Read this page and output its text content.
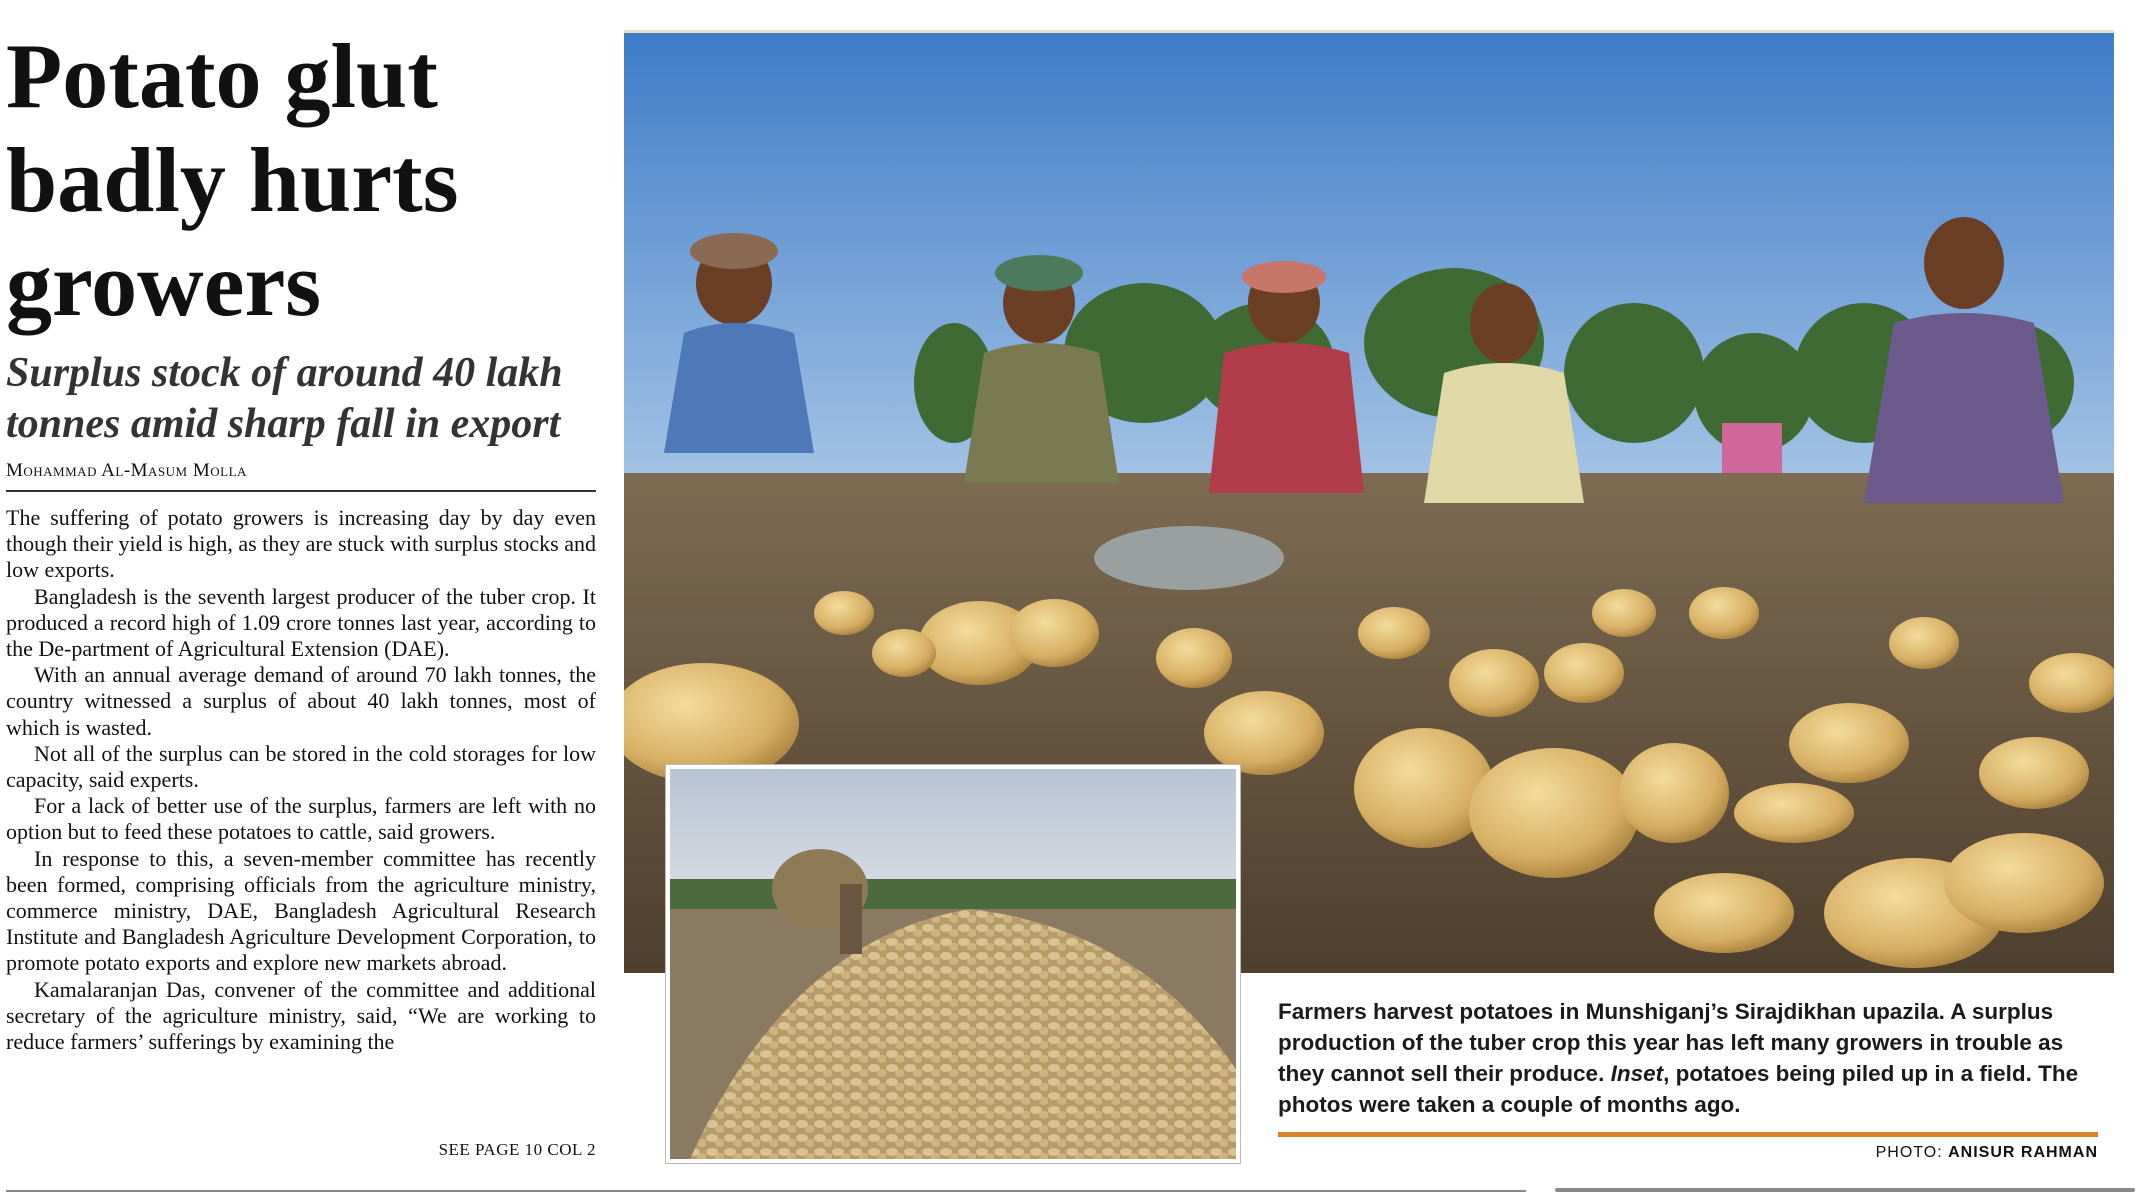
Potato glut
badly hurts
growers
Surplus stock of around 40 lakh
tonnes amid sharp fall in export
Mohammad Al-Masum Molla

The suffering of potato growers is increasing day by day even though their yield is high, as they are stuck with surplus stocks and low exports.

Bangladesh is the seventh largest producer of the tuber crop. It produced a record high of 1.09 crore tonnes last year, according to the De-partment of Agricultural Extension (DAE).

With an annual average demand of around 70 lakh tonnes, the country witnessed a surplus of about 40 lakh tonnes, most of which is wasted.

Not all of the surplus can be stored in the cold storages for low capacity, said experts.

For a lack of better use of the surplus, farmers are left with no option but to feed these potatoes to cattle, said growers.

In response to this, a seven-member committee has recently been formed, comprising officials from the agriculture ministry, commerce ministry, DAE, Bangladesh Agricultural Research Institute and Bangladesh Agriculture Development Corporation, to promote potato exports and explore new markets abroad.

Kamalaranjan Das, convener of the committee and additional secretary of the agriculture ministry, said, “We are working to reduce farmers’ sufferings by examining the

SEE PAGE 10 COL 2
Farmers harvest potatoes in Munshiganj’s Sirajdikhan upazila. A surplus production of the tuber crop this year has left many growers in trouble as they cannot sell their produce. Inset, potatoes being piled up in a field. The photos were taken a couple of months ago.
PHOTO: ANISUR RAHMAN
